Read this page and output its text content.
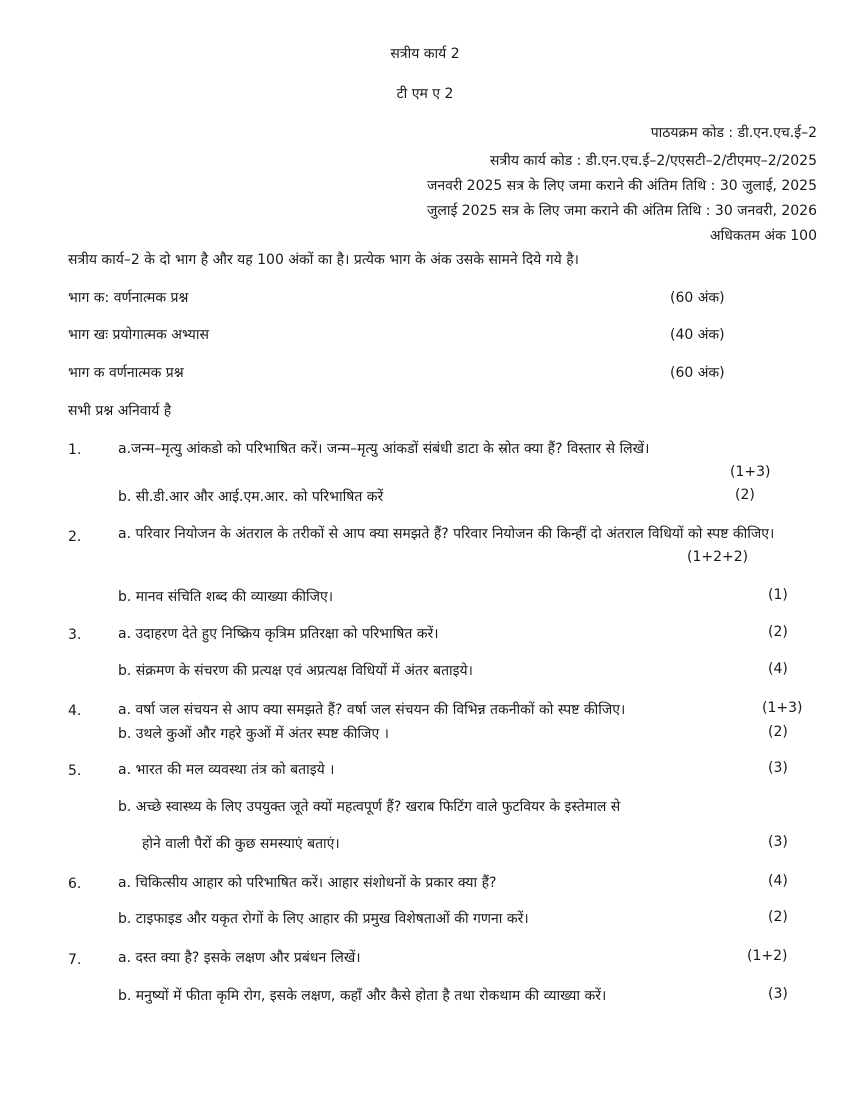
सत्रीय कार्य 2
टी एम ए 2
पाठयक्रम कोड : डी.एन.एच.ई–2
सत्रीय कार्य कोड : डी.एन.एच.ई–2/एएसटी–2/टीएमए–2/2025
जनवरी 2025 सत्र के लिए जमा कराने की अंतिम तिथि : 30 जुलाई, 2025
जुलाई 2025 सत्र के लिए जमा कराने की अंतिम तिथि : 30 जनवरी, 2026
अधिकतम अंक 100
सत्रीय कार्य–2 के दो भाग है और यह 100 अंकों का है। प्रत्येक भाग के अंक उसके सामने दिये गये है।
भाग क: वर्णनात्मक प्रश्न	(60 अंक)
भाग खः प्रयोगात्मक अभ्यास	(40 अंक)
भाग क वर्णनात्मक प्रश्न	(60 अंक)
सभी प्रश्न अनिवार्य है
1.	a.जन्म–मृत्यु आंकडो को परिभाषित करें। जन्म–मृत्यु आंकडों संबंधी डाटा के स्रोत क्या हैं? विस्तार से लिखें।
(1+3)
b. सी.डी.आर और आई.एम.आर. को परिभाषित करें	(2)
2.	a. परिवार नियोजन के अंतराल के तरीकों से आप क्या समझते हैं? परिवार नियोजन की किन्हीं दो अंतराल विधियों को स्पष्ट कीजिए।
(1+2+2)
b. मानव संचिति शब्द की व्याख्या कीजिए।	(1)
3.	a. उदाहरण देते हुए निष्क्रिय कृत्रिम प्रतिरक्षा को परिभाषित करें।	(2)
b. संक्रमण के संचरण की प्रत्यक्ष एवं अप्रत्यक्ष विधियों में अंतर बताइये।	(4)
4.	a. वर्षा जल संचयन से आप क्या समझते हैं? वर्षा जल संचयन की विभिन्न तकनीकों को स्पष्ट कीजिए।	(1+3)
b. उथले कुओं और गहरे कुओं में अंतर स्पष्ट कीजिए ।	(2)
5.	a. भारत की मल व्यवस्था तंत्र को बताइये ।	(3)
b. अच्छे स्वास्थ्य के लिए उपयुक्त जूते क्यों महत्वपूर्ण हैं? खराब फिटिंग वाले फुटवियर के इस्तेमाल से
होने वाली पैरों की कुछ समस्याएं बताएं।	(3)
6.	a. चिकित्सीय आहार को परिभाषित करें। आहार संशोधनों के प्रकार क्या हैं?	(4)
b. टाइफाइड और यकृत रोगों के लिए आहार की प्रमुख विशेषताओं की गणना करें।	(2)
7.	a. दस्त क्या है? इसके लक्षण और प्रबंधन लिखें।	(1+2)
b. मनुष्यों में फीता कृमि रोग, इसके लक्षण, कहाँ और कैसे होता है तथा रोकथाम की व्याख्या करें।	(3)
